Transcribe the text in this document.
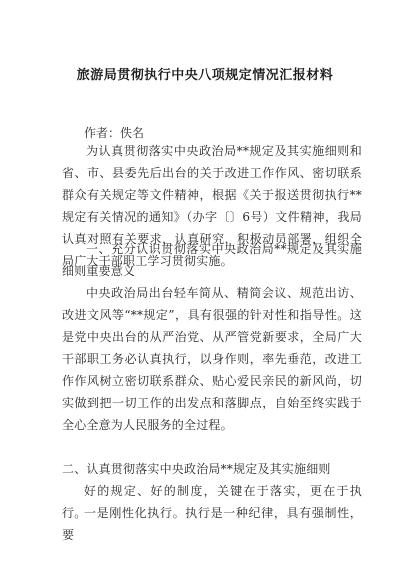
旅游局贯彻执行中央八项规定情况汇报材料
作者：佚名
为认真贯彻落实中央政治局**规定及其实施细则和省、市、县委先后出台的关于改进工作作风、密切联系群众有关规定等文件精神，根据《关于报送贯彻执行**规定有关情况的通知》（办字〔〕6号）文件精神，我局认真对照有关要求，认真研究，积极动员部署，组织全局广大干部职工学习贯彻实施。
一、充分认识贯彻落实中央政治局**规定及其实施细则重要意义
中央政治局出台轻车简从、精简会议、规范出访、改进文风等“**规定”，具有很强的针对性和指导性。这是党中央出台的从严治党、从严管党新要求，全局广大干部职工务必认真执行，以身作则，率先垂范，改进工作作风树立密切联系群众、贴心爱民亲民的新风尚，切实做到把一切工作的出发点和落脚点，自始至终实践于全心全意为人民服务的全过程。
二、认真贯彻落实中央政治局**规定及其实施细则
好的规定、好的制度，关键在于落实，更在于执行。
一是刚性化执行。执行是一种纪律，具有强制性，要
